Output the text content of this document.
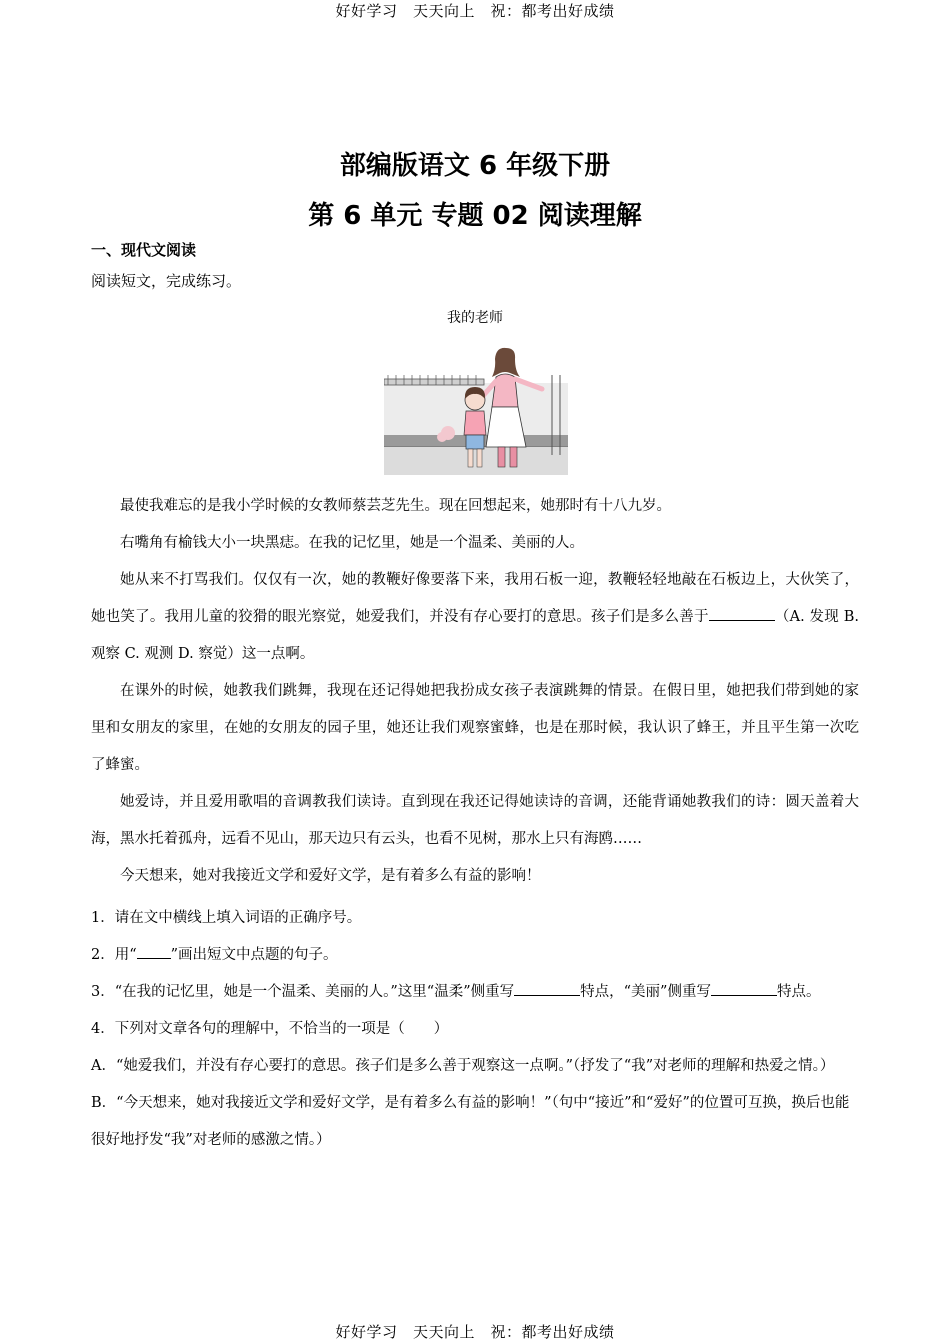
好好学习　天天向上　祝：都考出好成绩
部编版语文 6 年级下册
第 6 单元 专题 02 阅读理解
一、现代文阅读
阅读短文，完成练习。
我的老师

最使我难忘的是我小学时候的女教师蔡芸芝先生。现在回想起来，她那时有十八九岁。

右嘴角有榆钱大小一块黑痣。在我的记忆里，她是一个温柔、美丽的人。

她从来不打骂我们。仅仅有一次，她的教鞭好像要落下来，我用石板一迎，教鞭轻轻地敲在石板边上，大伙笑了，她也笑了。我用儿童的狡猾的眼光察觉，她爱我们，并没有存心要打的意思。孩子们是多么善于	（A. 发现 B. 观察 C. 观测 D. 察觉）这一点啊。

在课外的时候，她教我们跳舞，我现在还记得她把我扮成女孩子表演跳舞的情景。在假日里，她把我们带到她的家里和女朋友的家里，在她的女朋友的园子里，她还让我们观察蜜蜂，也是在那时候，我认识了蜂王，并且平生第一次吃了蜂蜜。

她爱诗，并且爱用歌唱的音调教我们读诗。直到现在我还记得她读诗的音调，还能背诵她教我们的诗：圆天盖着大海，黑水托着孤舟，远看不见山，那天边只有云头，也看不见树，那水上只有海鸥……

今天想来，她对我接近文学和爱好文学，是有着多么有益的影响！

1．请在文中横线上填入词语的正确序号。

2．用“ ”画出短文中点题的句子。

3．“在我的记忆里，她是一个温柔、美丽的人。”这里“温柔”侧重写	特点，“美丽”侧重写	特点。

4．下列对文章各句的理解中，不恰当的一项是（　　）

A．“她爱我们，并没有存心要打的意思。孩子们是多么善于观察这一点啊。”（抒发了“我”对老师的理解和热爱之情。）

B．“今天想来，她对我接近文学和爱好文学，是有着多么有益的影响！”（句中“接近”和“爱好”的位置可互换，换后也能很好地抒发“我”对老师的感激之情。）

好好学习　天天向上　祝：都考出好成绩
